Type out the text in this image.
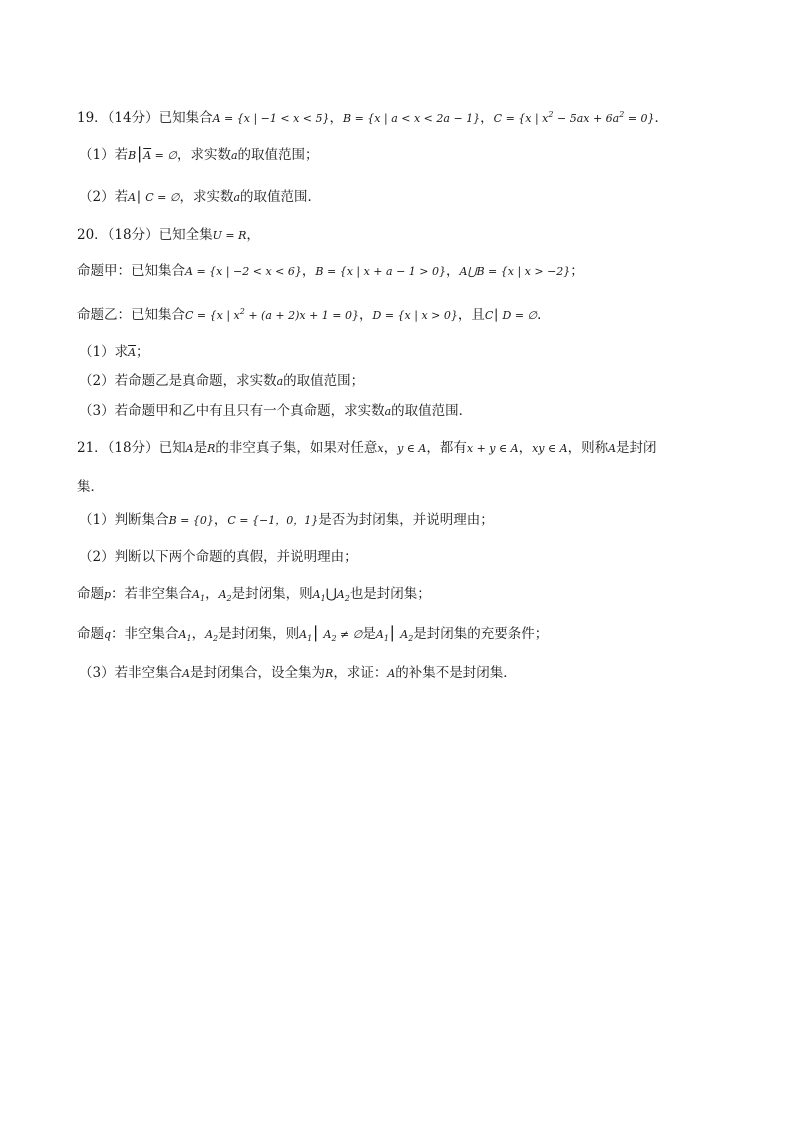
19．（14分）已知集合A = {x | −1 < x < 5}，B = {x | a < x < 2a − 1}，C = {x | $x^2 - 5ax + 6a^2 = 0$}．
（1）若$B⎮\overline{A}$ = ∅，求实数a的取值范围；
（2）若A⎮ C = ∅，求实数a的取值范围．
20．（18分）已知全集U = R，
命题甲：已知集合A = {x | −2 < x < 6}，B = {x | x + a − 1 > 0}，A⋃B = {x | x > −2}；
命题乙：已知集合C = {x | $x^2 + (a + 2)x + 1 = 0$}，D = {x | x > 0}，且C⎮ D = ∅．
（1）求$\overline{A}$；
（2）若命题乙是真命题，求实数a的取值范围；
（3）若命题甲和乙中有且只有一个真命题，求实数a的取值范围．
21．（18分）已知A是R的非空真子集，如果对任意x，y ∈ A，都有x + y ∈ A，xy ∈ A，则称A是封闭
集．
（1）判断集合B = {0}，C = {−1，0，1}是否为封闭集，并说明理由；
（2）判断以下两个命题的真假，并说明理由；
命题p：若非空集合$A_1$，$A_2$是封闭集，则$A_1⋃A_2$也是封闭集；
命题q：非空集合$A_1$，$A_2$是封闭集，则$A_1⎮$ $A_2$ ≠ ∅是$A_1⎮$ $A_2$是封闭集的充要条件；
（3）若非空集合A是封闭集合，设全集为R，求证：A的补集不是封闭集．
